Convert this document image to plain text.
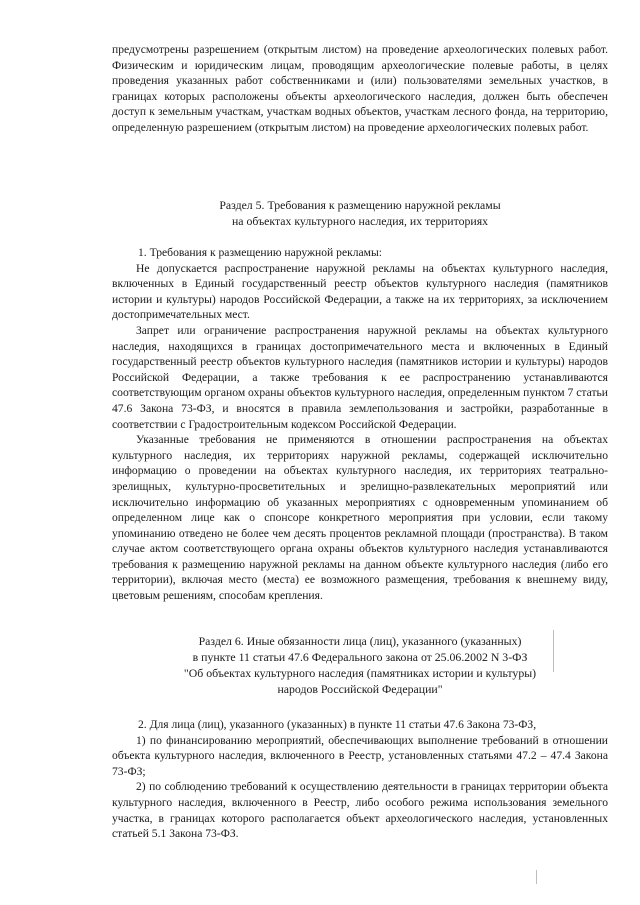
предусмотрены разрешением (открытым листом) на проведение археологических полевых работ. Физическим и юридическим лицам, проводящим археологические полевые работы, в целях проведения указанных работ собственниками и (или) пользователями земельных участков, в границах которых расположены объекты археологического наследия, должен быть обеспечен доступ к земельным участкам, участкам водных объектов, участкам лесного фонда, на территорию, определенную разрешением (открытым листом) на проведение археологических полевых работ.

Раздел 5. Требования к размещению наружной рекламы
на объектах культурного наследия, их территориях

1. Требования к размещению наружной рекламы:

Не допускается распространение наружной рекламы на объектах культурного наследия, включенных в Единый государственный реестр объектов культурного наследия (памятников истории и культуры) народов Российской Федерации, а также на их территориях, за исключением достопримечательных мест.

Запрет или ограничение распространения наружной рекламы на объектах культурного наследия, находящихся в границах достопримечательного места и включенных в Единый государственный реестр объектов культурного наследия (памятников истории и культуры) народов Российской Федерации, а также требования к ее распространению устанавливаются соответствующим органом охраны объектов культурного наследия, определенным пунктом 7 статьи 47.6 Закона 73-ФЗ, и вносятся в правила землепользования и застройки, разработанные в соответствии с Градостроительным кодексом Российской Федерации.

Указанные требования не применяются в отношении распространения на объектах культурного наследия, их территориях наружной рекламы, содержащей исключительно информацию о проведении на объектах культурного наследия, их территориях театрально-зрелищных, культурно-просветительных и зрелищно-развлекательных мероприятий или исключительно информацию об указанных мероприятиях с одновременным упоминанием об определенном лице как о спонсоре конкретного мероприятия при условии, если такому упоминанию отведено не более чем десять процентов рекламной площади (пространства). В таком случае актом соответствующего органа охраны объектов культурного наследия устанавливаются требования к размещению наружной рекламы на данном объекте культурного наследия (либо его территории), включая место (места) ее возможного размещения, требования к внешнему виду, цветовым решениям, способам крепления.

Раздел 6. Иные обязанности лица (лиц), указанного (указанных)
в пункте 11 статьи 47.6 Федерального закона от 25.06.2002 N 3-ФЗ
"Об объектах культурного наследия (памятниках истории и культуры)
народов Российской Федерации"

2. Для лица (лиц), указанного (указанных) в пункте 11 статьи 47.6 Закона 73-ФЗ,

1) по финансированию мероприятий, обеспечивающих выполнение требований в отношении объекта культурного наследия, включенного в Реестр, установленных статьями 47.2 – 47.4 Закона 73-ФЗ;

2) по соблюдению требований к осуществлению деятельности в границах территории объекта культурного наследия, включенного в Реестр, либо особого режима использования земельного участка, в границах которого располагается объект археологического наследия, установленных статьей 5.1 Закона 73-ФЗ.
